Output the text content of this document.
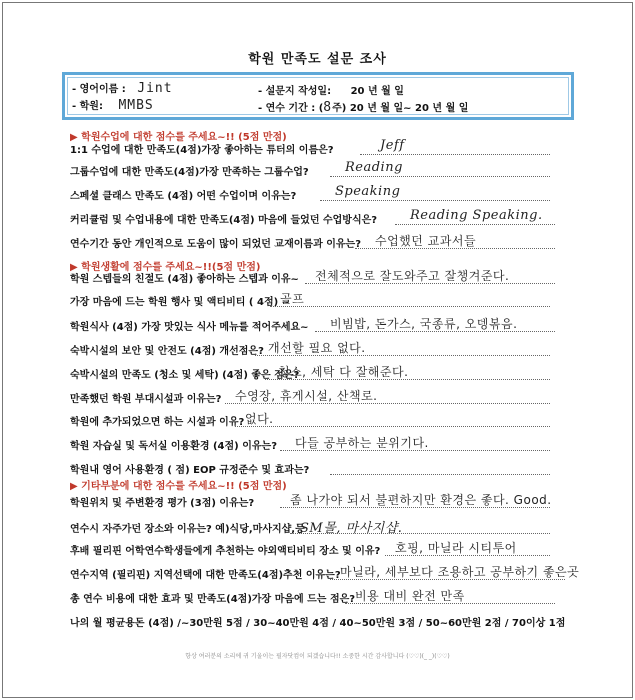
학원 만족도 설문 조사
- 영어이름 : Jint
- 학원: MMBS
- 설문지 작성일: 20 년 월 일
- 연수 기간 : (8주) 20 년 월 일~ 20 년 월 일
▶ 학원수업에 대한 점수를 주세요~!! (5점 만점)
▶ 학원생활에 점수를 주세요~!!(5점 만점)
▶ 기타부분에 대한 점수를 주세요~!! (5점 만점)
1:1 수업에 대한 만족도(4점)가장 좋아하는 튜터의 이름은?	Jeff
그룹수업에 대한 만족도(4점)가장 만족하는 그룹수업?	Reading
스페셜 클래스 만족도 (4점) 어떤 수업이며 이유는?	Speaking
커리큘럼 및 수업내용에 대한 만족도(4점) 마음에 들었던 수업방식은?	Reading Speaking.
연수기간 동안 개인적으로 도움이 많이 되었던 교재이름과 이유는? 수업했던 교과서들
학원 스텝들의 친절도 (4점) 좋아하는 스텝과 이유~ 전체적으로 잘도와주고 잘챙겨준다.
가장 마음에 드는 학원 행사 및 액티비티 ( 4점) ~
골프
학원식사 (4점) 가장 맛있는 식사 메뉴를 적어주세요~ 비빔밥, 돈가스, 국종류, 오뎅볶음.
숙박시설의 보안 및 안전도 (4점) 개선점은? 개선할 필요 없다.
숙박시설의 만족도 (청소 및 세탁) (4점) 좋은 점은?
청소, 세탁 다 잘해준다.
만족했던 학원 부대시설과 이유는? 수영장, 휴게시설, 산책로.
학원에 추가되었으면 하는 시설과 이유? 없다.
학원 자습실 및 독서실 이용환경 (4점) 이유는? 다들 공부하는 분위기다.
학원내 영어 사용환경 ( 점) EOP 규정준수 및 효과는?
학원위치 및 주변환경 평가 (3점) 이유는?	좀 나가야 되서 불편하지만 환경은 좋다. Good.
연수시 자주가던 장소와 이유는? 예)식당,마사지샵,등
SM몰, 마사지샵.
후배 필리핀 어학연수학생들에게 추천하는 야외액티비티 장소 및 이유? 호핑, 마닐라 시티투어
연수지역 (필리핀) 지역선택에 대한 만족도(4점)추천 이유는? 마닐라, 세부보다 조용하고 공부하기 좋은곳
총 연수 비용에 대한 효과 및 만족도(4점)가장 마음에 드는 점은? 비용 대비 완전 만족
나의 월 평균용돈 (4점) /~30만원 5점 / 30~40만원 4점 / 40~50만원 3점 / 50~60만원 2점 / 70이상 1점
항상 여러분의 소리에 귀 기울이는 필자닷컴이 되겠습니다!! 소중한 시간 감사합니다 (♡♡)(_ _)(♡♡)
